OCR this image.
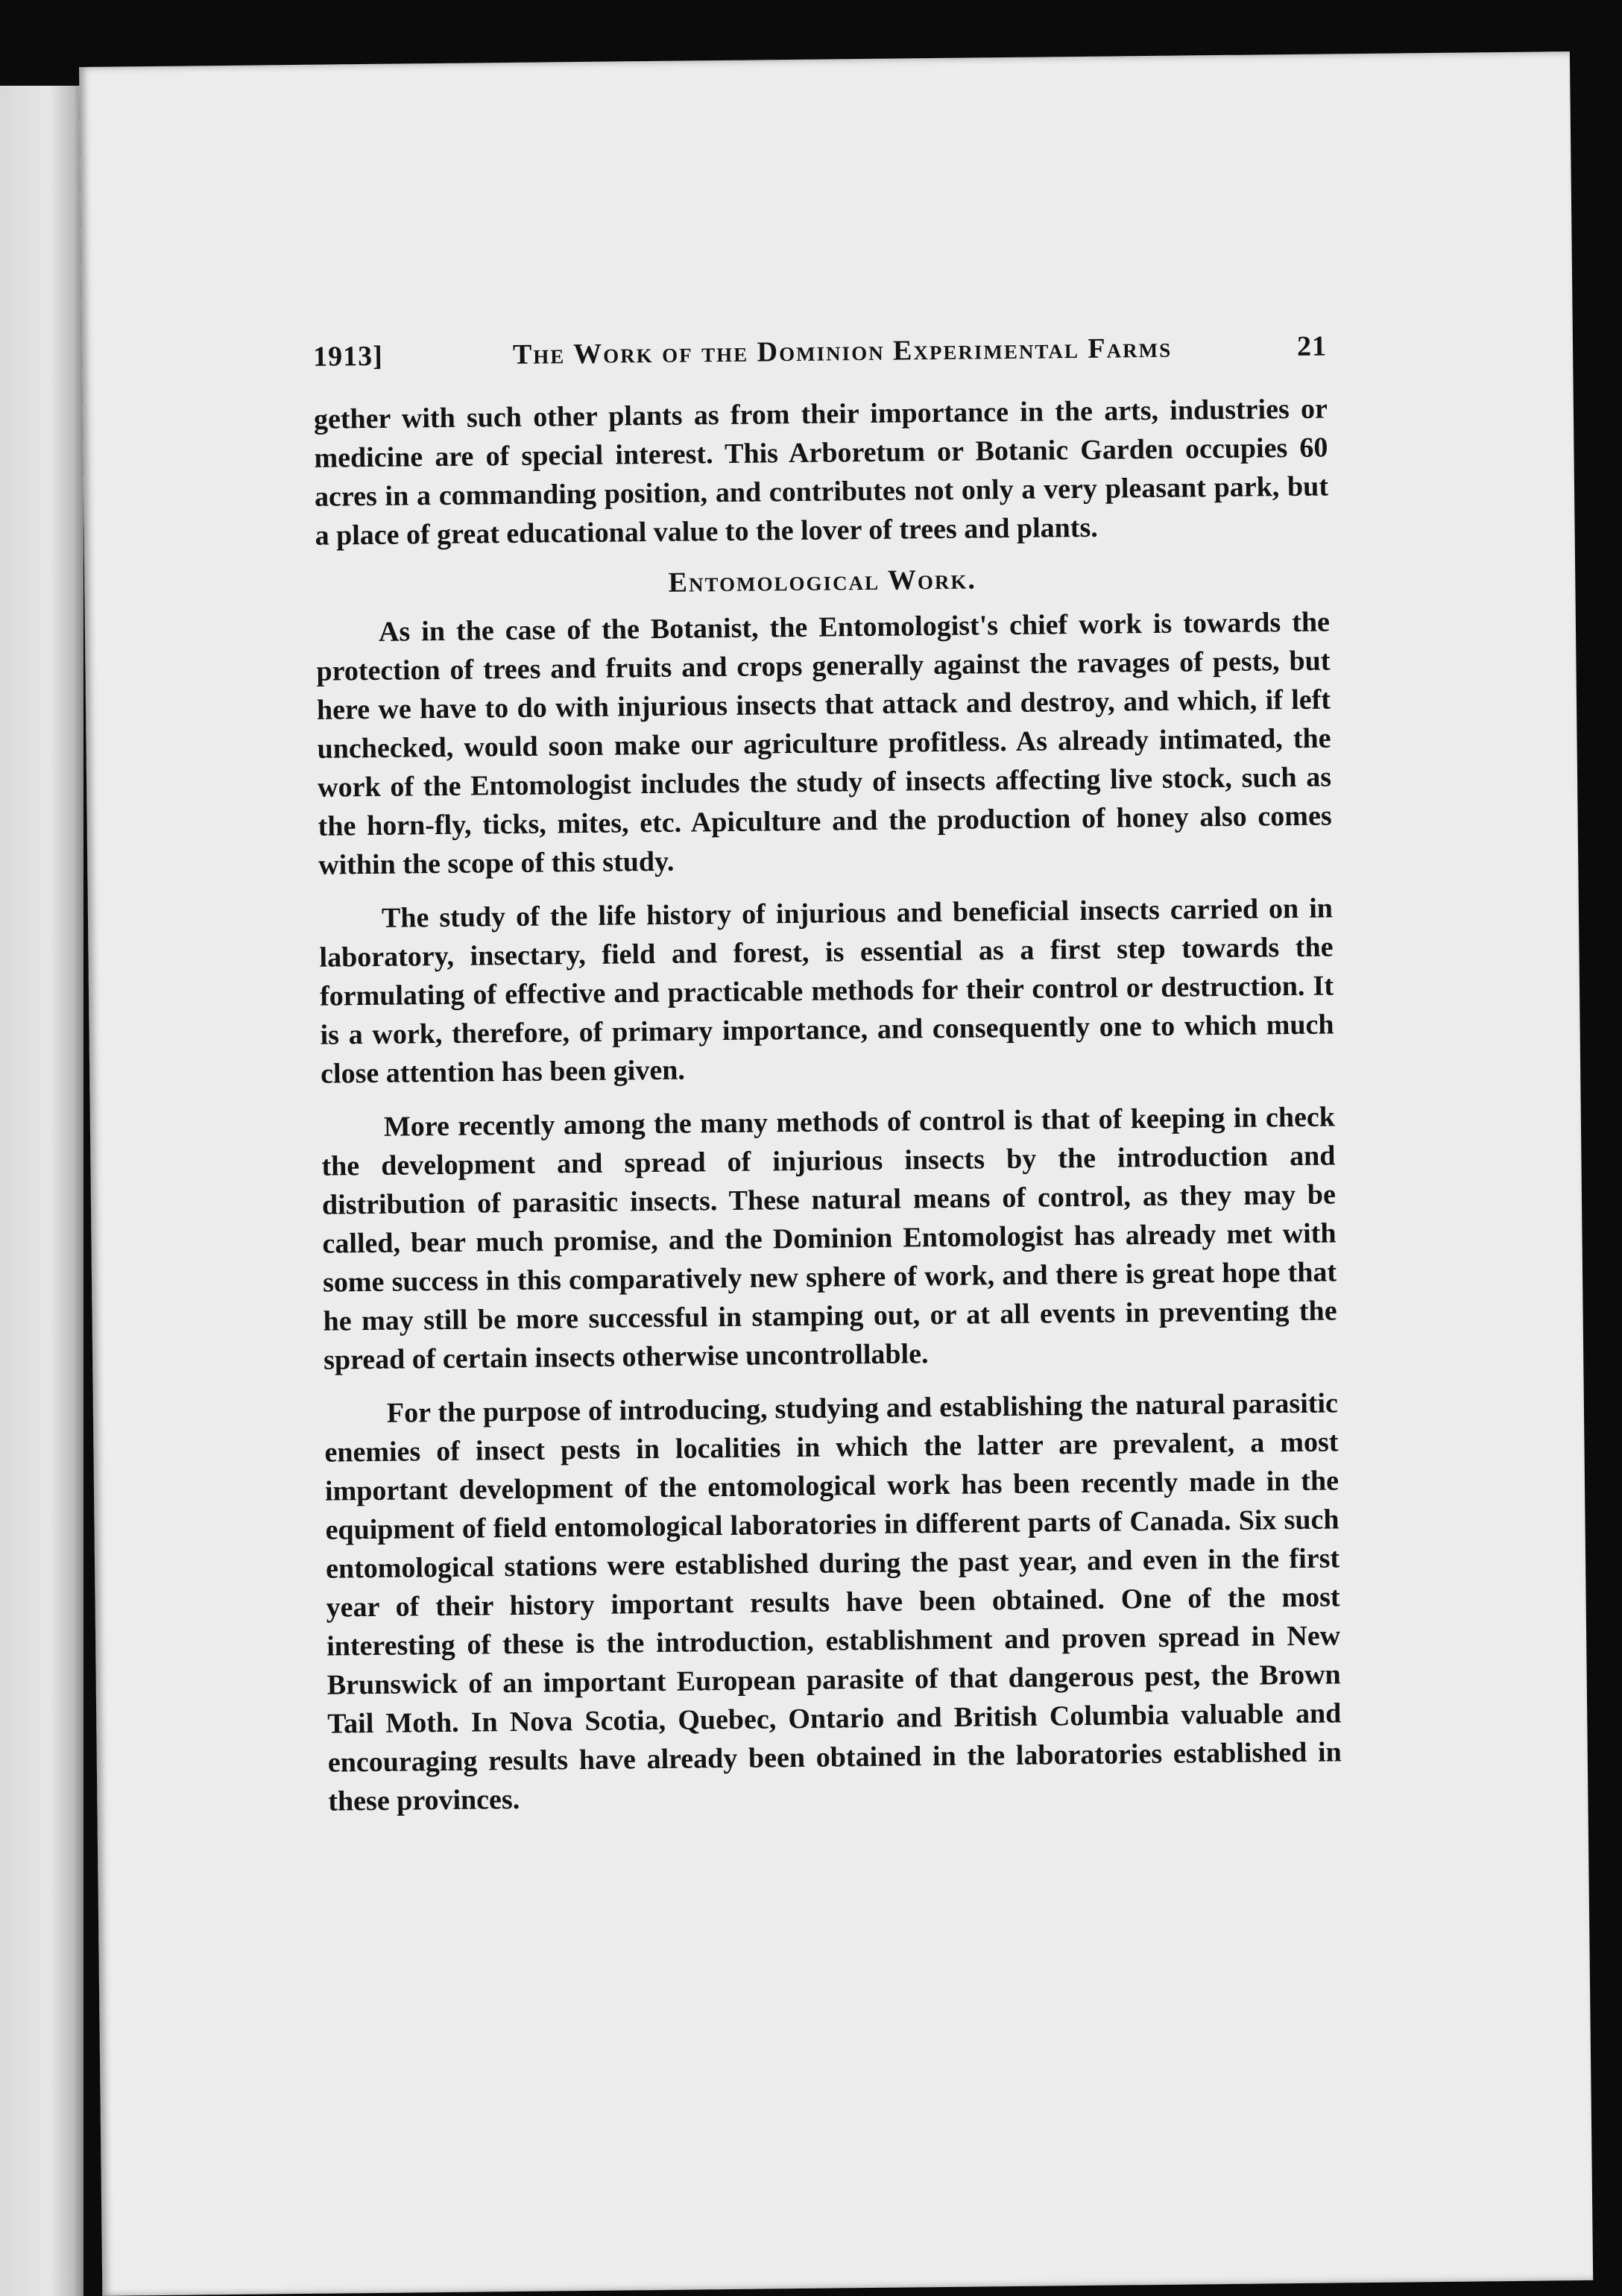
1913]	The Work of the Dominion Experimental Farms	21

gether with such other plants as from their importance in the arts, industries or medicine are of special interest. This Arboretum or Botanic Garden occupies 60 acres in a commanding position, and contributes not only a very pleasant park, but a place of great educational value to the lover of trees and plants.

Entomological Work.

As in the case of the Botanist, the Entomologist's chief work is towards the protection of trees and fruits and crops generally against the ravages of pests, but here we have to do with injurious insects that attack and destroy, and which, if left unchecked, would soon make our agriculture profitless. As already intimated, the work of the Entomologist includes the study of insects affecting live stock, such as the horn-fly, ticks, mites, etc. Apiculture and the production of honey also comes within the scope of this study.

The study of the life history of injurious and beneficial insects carried on in laboratory, insectary, field and forest, is essential as a first step towards the formulating of effective and practicable methods for their control or destruction. It is a work, therefore, of primary importance, and consequently one to which much close attention has been given.

More recently among the many methods of control is that of keeping in check the development and spread of injurious insects by the introduction and distribution of parasitic insects. These natural means of control, as they may be called, bear much promise, and the Dominion Entomologist has already met with some success in this comparatively new sphere of work, and there is great hope that he may still be more successful in stamping out, or at all events in preventing the spread of certain insects otherwise uncontrollable.

For the purpose of introducing, studying and establishing the natural parasitic enemies of insect pests in localities in which the latter are prevalent, a most important development of the entomological work has been recently made in the equipment of field entomological laboratories in different parts of Canada. Six such entomological stations were established during the past year, and even in the first year of their history important results have been obtained. One of the most interesting of these is the introduction, establishment and proven spread in New Brunswick of an important European parasite of that dangerous pest, the Brown Tail Moth. In Nova Scotia, Quebec, Ontario and British Columbia valuable and encouraging results have already been obtained in the laboratories established in these provinces.
